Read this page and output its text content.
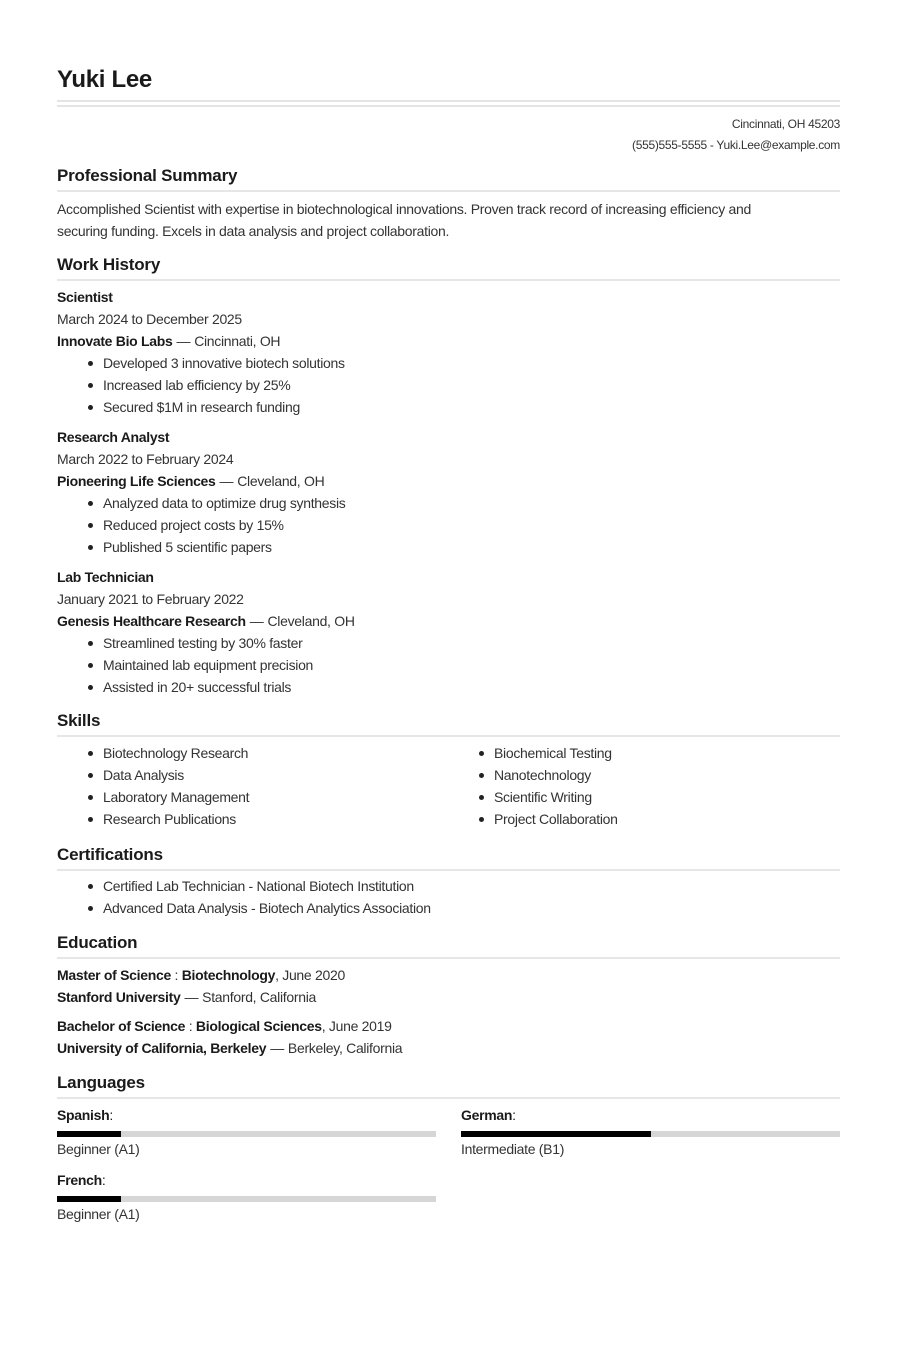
Yuki Lee
Cincinnati, OH 45203
(555)555-5555 - Yuki.Lee@example.com
Professional Summary
Accomplished Scientist with expertise in biotechnological innovations. Proven track record of increasing efficiency and
securing funding. Excels in data analysis and project collaboration.
Work History
Scientist
March 2024 to December 2025
Innovate Bio Labs — Cincinnati, OH
Developed 3 innovative biotech solutions
Increased lab efficiency by 25%
Secured $1M in research funding
Research Analyst
March 2022 to February 2024
Pioneering Life Sciences — Cleveland, OH
Analyzed data to optimize drug synthesis
Reduced project costs by 15%
Published 5 scientific papers
Lab Technician
January 2021 to February 2022
Genesis Healthcare Research — Cleveland, OH
Streamlined testing by 30% faster
Maintained lab equipment precision
Assisted in 20+ successful trials
Skills
Biotechnology Research
Data Analysis
Laboratory Management
Research Publications
Biochemical Testing
Nanotechnology
Scientific Writing
Project Collaboration
Certifications
Certified Lab Technician - National Biotech Institution
Advanced Data Analysis - Biotech Analytics Association
Education
Master of Science : Biotechnology, June 2020
Stanford University — Stanford, California
Bachelor of Science : Biological Sciences, June 2019
University of California, Berkeley — Berkeley, California
Languages
Spanish:
Beginner (A1)
German:
Intermediate (B1)
French:
Beginner (A1)
